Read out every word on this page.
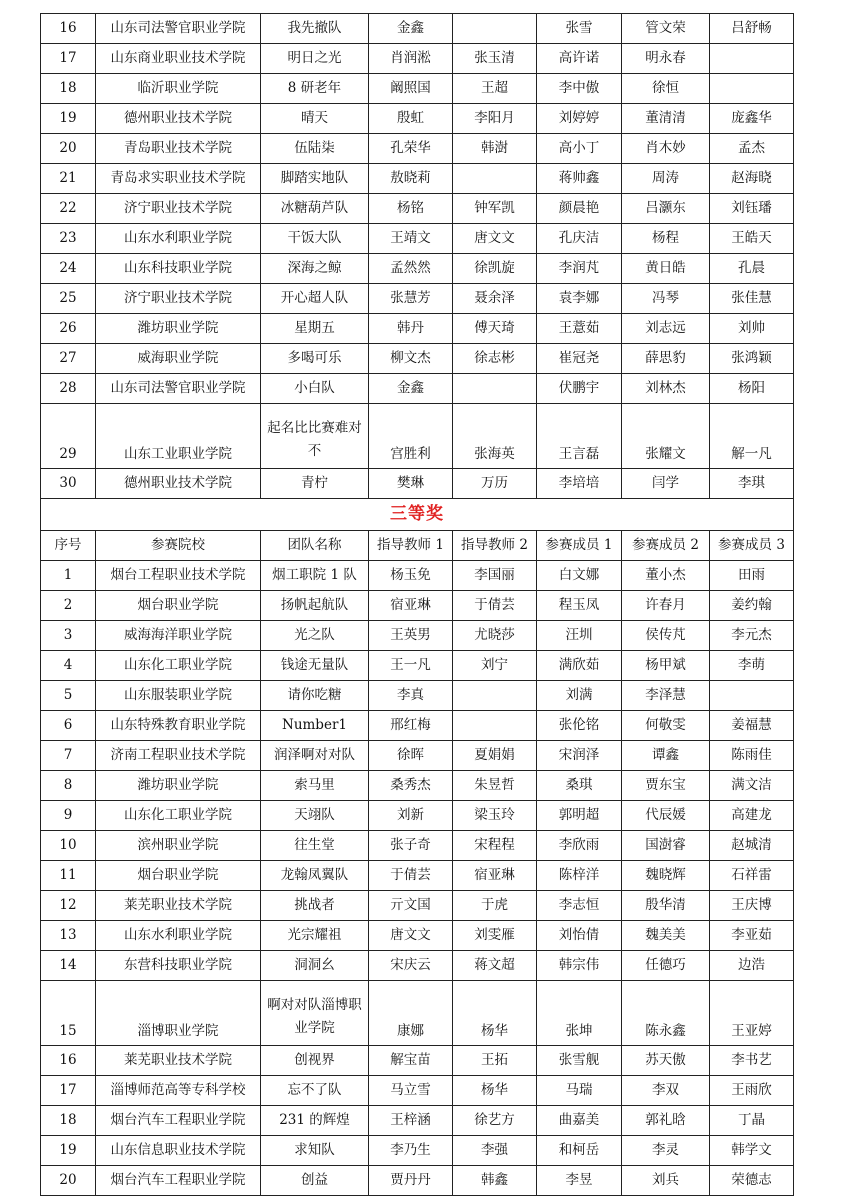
16	山东司法警官职业学院	我先撤队	金鑫		张雪	管文荣	吕舒畅
17	山东商业职业技术学院	明日之光	肖润淞	张玉清	高许诺	明永春	
18	临沂职业学院	8 研老年	阚照国	王超	李中傲	徐恒	
19	德州职业技术学院	晴天	殷虹	李阳月	刘婷婷	董清清	庞鑫华
20	青岛职业技术学院	伍陆柒	孔荣华	韩澍	高小丁	肖木妙	孟杰
21	青岛求实职业技术学院	脚踏实地队	敖晓莉		蒋帅鑫	周涛	赵海晓
22	济宁职业技术学院	冰糖葫芦队	杨铭	钟军凯	颜晨艳	吕灏东	刘钰璠
23	山东水利职业学院	干饭大队	王靖文	唐文文	孔庆洁	杨程	王皓天
24	山东科技职业学院	深海之鲸	孟然然	徐凯旋	李润芃	黄日皓	孔晨
25	济宁职业技术学院	开心超人队	张慧芳	聂余泽	袁李娜	冯琴	张佳慧
26	潍坊职业学院	星期五	韩丹	傅天琦	王薏茹	刘志远	刘帅
27	威海职业学院	多喝可乐	柳文杰	徐志彬	崔冠尧	薛思豹	张鸿颖
28	山东司法警官职业学院	小白队	金鑫		伏鹏宇	刘林杰	杨阳
29	山东工业职业学院	起名比比赛难对不	宫胜利	张海英	王言磊	张耀文	解一凡
30	德州职业技术学院	青柠	樊琳	万历	李培培	闫学	李琪
三等奖							
序号	参赛院校	团队名称	指导教师 1	指导教师 2	参赛成员 1	参赛成员 2	参赛成员 3
1	烟台工程职业技术学院	烟工职院 1 队	杨玉免	李国丽	白文娜	董小杰	田雨
2	烟台职业学院	扬帆起航队	宿亚琳	于倩芸	程玉凤	许春月	姜约翰
3	威海海洋职业学院	光之队	王英男	尤晓莎	汪圳	侯传芃	李元杰
4	山东化工职业学院	钱途无量队	王一凡	刘宁	满欣茹	杨甲斌	李萌
5	山东服装职业学院	请你吃糖	李真		刘满	李泽慧	
6	山东特殊教育职业学院	Number1	邢红梅		张伦铭	何敬雯	姜福慧
7	济南工程职业技术学院	润泽啊对对队	徐晖	夏娟娟	宋润泽	谭鑫	陈雨佳
8	潍坊职业学院	索马里	桑秀杰	朱昱哲	桑琪	贾东宝	满文洁
9	山东化工职业学院	天翊队	刘新	梁玉玲	郭明超	代辰媛	高建龙
10	滨州职业学院	往生堂	张子奇	宋程程	李欣雨	国澍睿	赵城清
11	烟台职业学院	龙翰凤翼队	于倩芸	宿亚琳	陈梓洋	魏晓辉	石祥雷
12	莱芜职业技术学院	挑战者	亓文国	于虎	李志恒	殷华清	王庆博
13	山东水利职业学院	光宗耀祖	唐文文	刘雯雁	刘怡倩	魏美美	李亚茹
14	东营科技职业学院	洞洞幺	宋庆云	蒋文超	韩宗伟	任德巧	边浩
15	淄博职业学院	啊对对队淄博职业学院	康娜	杨华	张坤	陈永鑫	王亚婷
16	莱芜职业技术学院	创视界	解宝苗	王拓	张雪舰	苏天傲	李书艺
17	淄博师范高等专科学校	忘不了队	马立雪	杨华	马瑞	李双	王雨欣
18	烟台汽车工程职业学院	231 的辉煌	王梓涵	徐艺方	曲嘉美	郭礼晗	丁晶
19	山东信息职业技术学院	求知队	李乃生	李强	和柯岳	李灵	韩学文
20	烟台汽车工程职业学院	创益	贾丹丹	韩鑫	李昱	刘兵	荣德志
